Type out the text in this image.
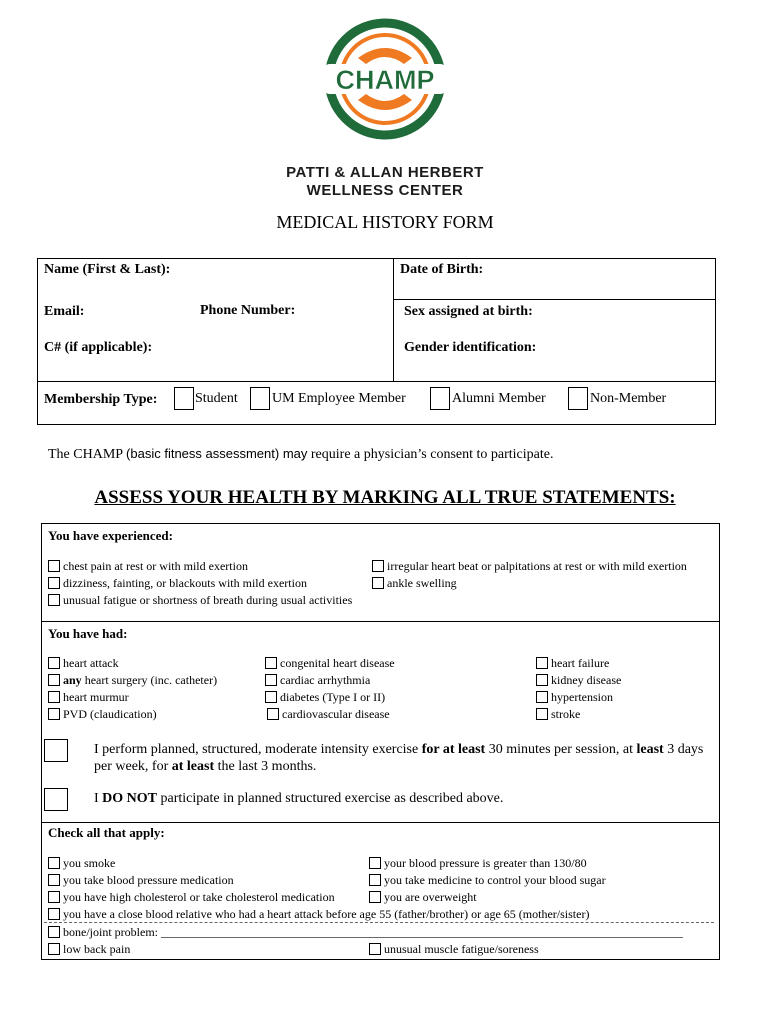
CHAMP
PATTI & ALLAN HERBERT
WELLNESS CENTER
MEDICAL HISTORY FORM
Name (First & Last):	Date of Birth:
Email:	Phone Number:	Sex assigned at birth:
C# (if applicable):	Gender identification:
Membership Type:	Student UM Employee Member	Alumni Member	Non-Member
The CHAMP (basic fitness assessment) may require a physician’s consent to participate.
ASSESS YOUR HEALTH BY MARKING ALL TRUE STATEMENTS:
You have experienced:
chest pain at rest or with mild exertion
dizziness, fainting, or blackouts with mild exertion
unusual fatigue or shortness of breath during usual activities
irregular heart beat or palpitations at rest or with mild exertion
ankle swelling
You have had:
heart attack
any heart surgery (inc. catheter)
heart murmur
PVD (claudication)
congenital heart disease
cardiac arrhythmia
diabetes (Type I or II)
cardiovascular disease
heart failure
kidney disease
hypertension
stroke
I perform planned, structured, moderate intensity exercise for at least 30 minutes per session, at least 3 days
per week, for at least the last 3 months.
I DO NOT participate in planned structured exercise as described above.
Check all that apply:
you smoke
you take blood pressure medication
you have high cholesterol or take cholesterol medication
your blood pressure is greater than 130/80
you take medicine to control your blood sugar
you are overweight
you have a close blood relative who had a heart attack before age 55 (father/brother) or age 65 (mother/sister)
bone/joint problem: _______________________________________________________________________________________
low back pain	unusual muscle fatigue/soreness
